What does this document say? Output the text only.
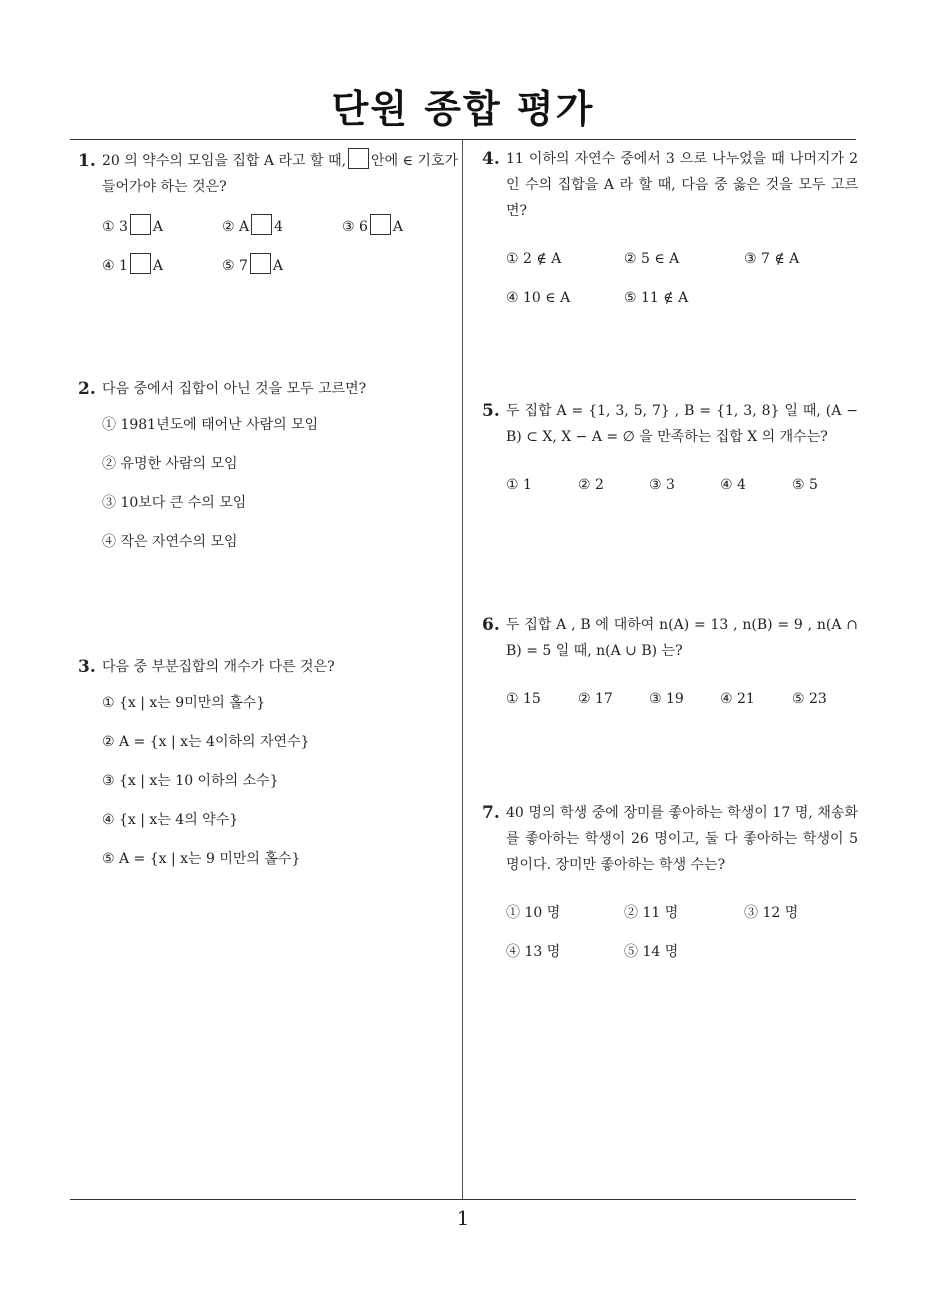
단원 종합 평가
1
1. 20 의 약수의 모임을 집합 A 라고 할 때, 안에 ∈ 기호가 들어가야 하는 것은?
① 3 A	② A 4	③ 6 A
④ 1 A	⑤ 7 A
2. 다음 중에서 집합이 아닌 것을 모두 고르면?
① 1981년도에 태어난 사람의 모임
② 유명한 사람의 모임
③ 10보다 큰 수의 모임
④ 작은 자연수의 모임
3. 다음 중 부분집합의 개수가 다른 것은?
① {x | x는 9미만의 홀수}
② A = {x | x는 4이하의 자연수}
③ {x | x는 10 이하의 소수}
④ {x | x는 4의 약수}
⑤ A = {x | x는 9 미만의 홀수}
4. 11 이하의 자연수 중에서 3 으로 나누었을 때 나머지가 2 인 수의 집합을 A 라 할 때, 다음 중 옳은 것을 모두 고르면?
① 2 ∉ A	② 5 ∈ A	③ 7 ∉ A
④ 10 ∈ A	⑤ 11 ∉ A
5. 두 집합 A = {1, 3, 5, 7} , B = {1, 3, 8} 일 때, (A − B) ⊂ X, X − A = ∅ 을 만족하는 집합 X 의 개수는?
① 1	② 2	③ 3	④ 4	⑤ 5
6. 두 집합 A , B 에 대하여 n(A) = 13 , n(B) = 9 , n(A ∩ B) = 5 일 때, n(A ∪ B) 는?
① 15	② 17	③ 19	④ 21	⑤ 23
7. 40 명의 학생 중에 장미를 좋아하는 학생이 17 명, 채송화를 좋아하는 학생이 26 명이고, 둘 다 좋아하는 학생이 5 명이다. 장미만 좋아하는 학생 수는?
① 10 명	② 11 명	③ 12 명
④ 13 명	⑤ 14 명
